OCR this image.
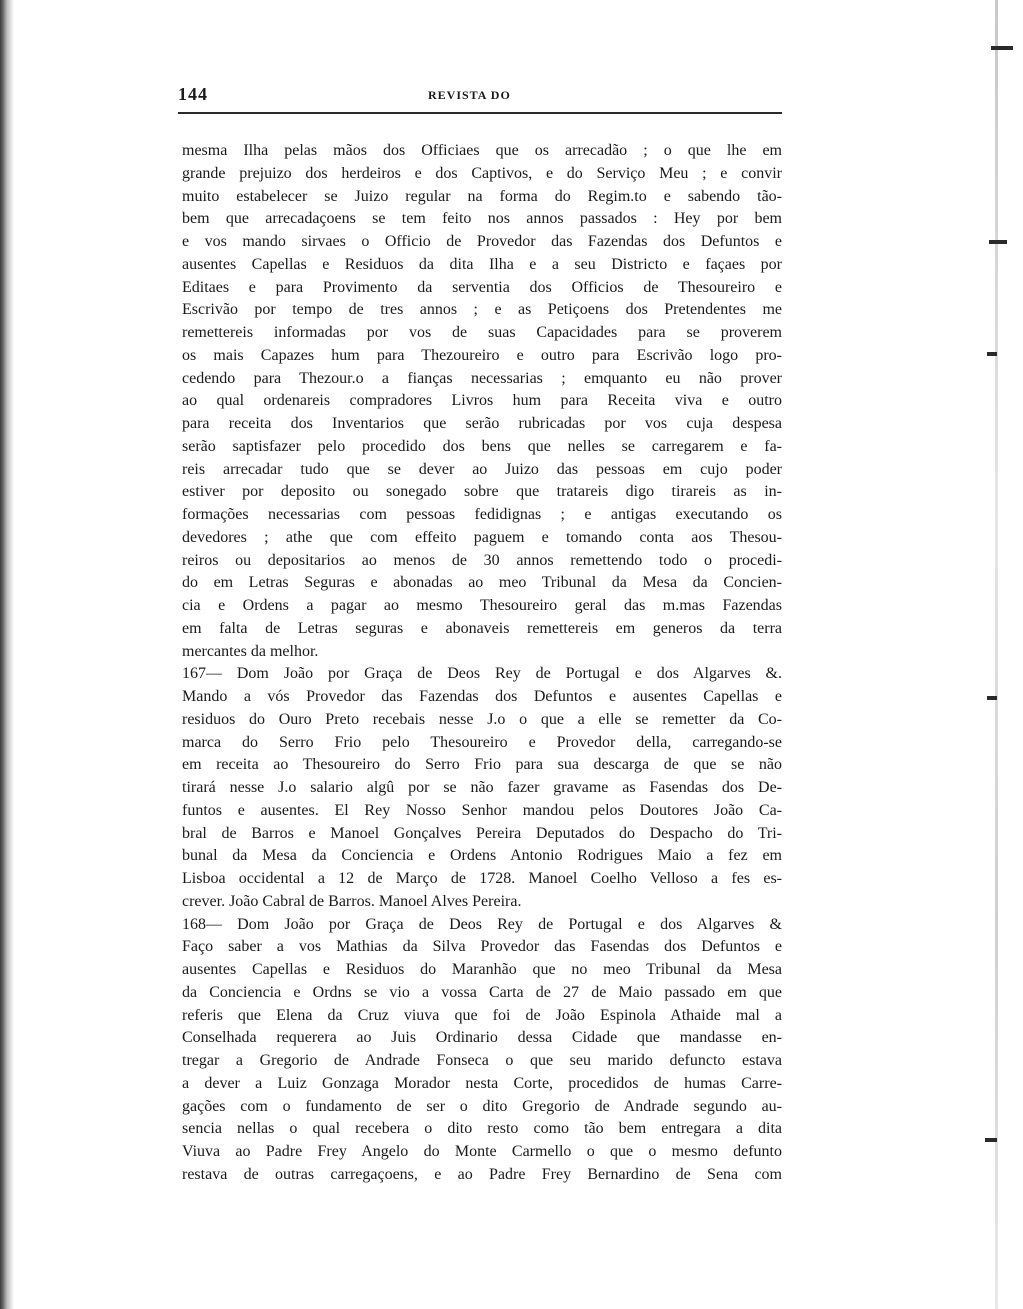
144	REVISTA DO
mesma Ilha pelas mãos dos Officiaes que os arrecadão ; o que lhe em
grande prejuizo dos herdeiros e dos Captivos, e do Serviço Meu ; e convir
muito estabelecer se Juizo regular na forma do Regim.to e sabendo tão-
bem que arrecadaçoens se tem feito nos annos passados : Hey por bem
e vos mando sirvaes o Officio de Provedor das Fazendas dos Defuntos e
ausentes Capellas e Residuos da dita Ilha e a seu Districto e façaes por
Editaes e para Provimento da serventia dos Officios de Thesoureiro e
Escrivão por tempo de tres annos ; e as Petiçoens dos Pretendentes me
remettereis informadas por vos de suas Capacidades para se proverem
os mais Capazes hum para Thezoureiro e outro para Escrivão logo pro-
cedendo para Thezour.o a fianças necessarias ; emquanto eu não prover
ao qual ordenareis compradores Livros hum para Receita viva e outro
para receita dos Inventarios que serão rubricadas por vos cuja despesa
serão saptisfazer pelo procedido dos bens que nelles se carregarem e fa-
reis arrecadar tudo que se dever ao Juizo das pessoas em cujo poder
estiver por deposito ou sonegado sobre que tratareis digo tirareis as in-
formações necessarias com pessoas fedidignas ; e antigas executando os
devedores ; athe que com effeito paguem e tomando conta aos Thesou-
reiros ou depositarios ao menos de 30 annos remettendo todo o procedi-
do em Letras Seguras e abonadas ao meo Tribunal da Mesa da Concien-
cia e Ordens a pagar ao mesmo Thesoureiro geral das m.mas Fazendas
em falta de Letras seguras e abonaveis remettereis em generos da terra
mercantes da melhor.
167— Dom João por Graça de Deos Rey de Portugal e dos Algarves &.
Mando a vós Provedor das Fazendas dos Defuntos e ausentes Capellas e
residuos do Ouro Preto recebais nesse J.o o que a elle se remetter da Co-
marca do Serro Frio pelo Thesoureiro e Provedor della, carregando-se
em receita ao Thesoureiro do Serro Frio para sua descarga de que se não
tirará nesse J.o salario algû por se não fazer gravame as Fasendas dos De-
funtos e ausentes. El Rey Nosso Senhor mandou pelos Doutores João Ca-
bral de Barros e Manoel Gonçalves Pereira Deputados do Despacho do Tri-
bunal da Mesa da Conciencia e Ordens Antonio Rodrigues Maio a fez em
Lisboa occidental a 12 de Março de 1728. Manoel Coelho Velloso a fes es-
crever. João Cabral de Barros. Manoel Alves Pereira.
168— Dom João por Graça de Deos Rey de Portugal e dos Algarves &
Faço saber a vos Mathias da Silva Provedor das Fasendas dos Defuntos e
ausentes Capellas e Residuos do Maranhão que no meo Tribunal da Mesa
da Conciencia e Ordns se vio a vossa Carta de 27 de Maio passado em que
referis que Elena da Cruz viuva que foi de João Espinola Athaide mal a
Conselhada requerera ao Juis Ordinario dessa Cidade que mandasse en-
tregar a Gregorio de Andrade Fonseca o que seu marido defuncto estava
a dever a Luiz Gonzaga Morador nesta Corte, procedidos de humas Carre-
gações com o fundamento de ser o dito Gregorio de Andrade segundo au-
sencia nellas o qual recebera o dito resto como tão bem entregara a dita
Viuva ao Padre Frey Angelo do Monte Carmello o que o mesmo defunto
restava de outras carregaçoens, e ao Padre Frey Bernardino de Sena com
